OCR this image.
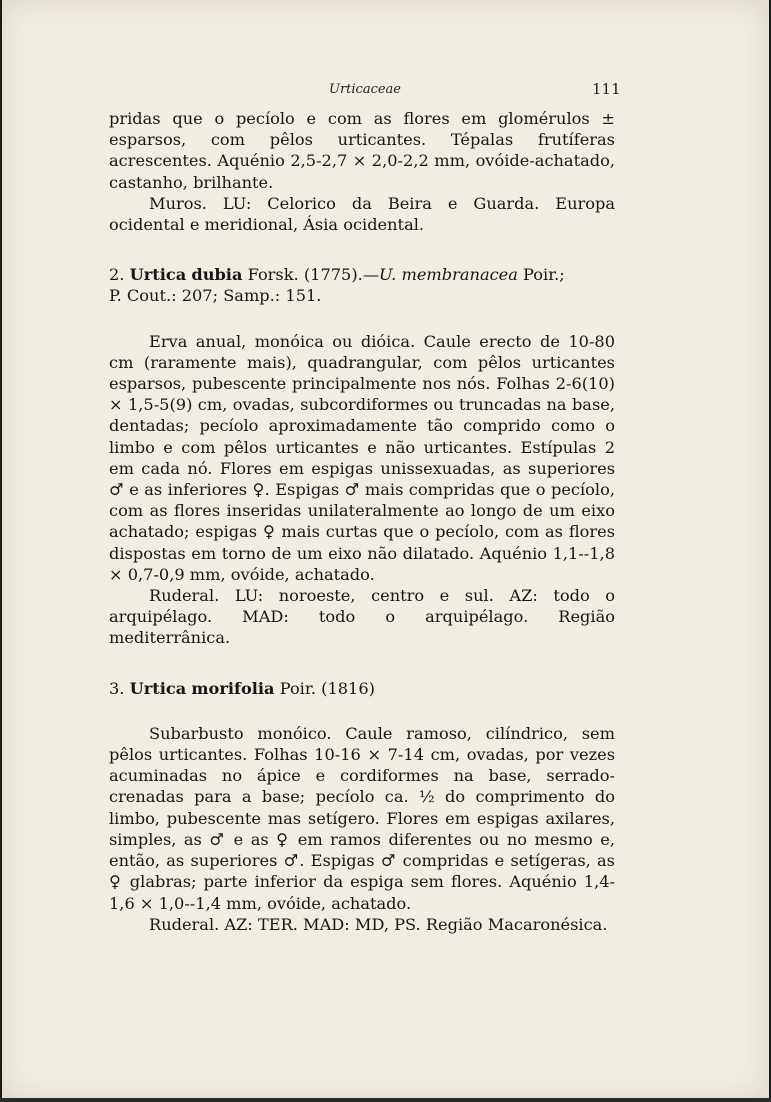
Urticaceae	111

pridas que o pecíolo e com as flores em glomérulos ± esparsos, com pêlos urticantes. Tépalas frutíferas acrescentes. Aquénio 2,5-2,7 × 2,0-2,2 mm, ovóide-achatado, castanho, brilhante.

Muros. LU: Celorico da Beira e Guarda. Europa ocidental e meridional, Ásia ocidental.

2. Urtica dubia Forsk. (1775).—U. membranacea Poir.;

P. Cout.: 207; Samp.: 151.

Erva anual, monóica ou dióica. Caule erecto de 10-80 cm (raramente mais), quadrangular, com pêlos urticantes esparsos, pubescente principalmente nos nós. Folhas 2-6(10) × 1,5-5(9) cm, ovadas, subcordiformes ou truncadas na base, dentadas; pecíolo aproximadamente tão comprido como o limbo e com pêlos urticantes e não urticantes. Estípulas 2 em cada nó. Flores em espigas unissexuadas, as superiores ♂ e as inferiores ♀. Espigas ♂ mais compridas que o pecíolo, com as flores inseridas unilateralmente ao longo de um eixo achatado; espigas ♀ mais curtas que o pecíolo, com as flores dispostas em torno de um eixo não dilatado. Aquénio 1,1--1,8 × 0,7-0,9 mm, ovóide, achatado.

Ruderal. LU: noroeste, centro e sul. AZ: todo o arquipélago. MAD: todo o arquipélago. Região mediterrânica.

3. Urtica morifolia Poir. (1816)

Subarbusto monóico. Caule ramoso, cilíndrico, sem pêlos urticantes. Folhas 10-16 × 7-14 cm, ovadas, por vezes acuminadas no ápice e cordiformes na base, serrado-crenadas para a base; pecíolo ca. ½ do comprimento do limbo, pubescente mas setígero. Flores em espigas axilares, simples, as ♂ e as ♀ em ramos diferentes ou no mesmo e, então, as superiores ♂. Espigas ♂ compridas e setígeras, as ♀ glabras; parte inferior da espiga sem flores. Aquénio 1,4-1,6 × 1,0--1,4 mm, ovóide, achatado.

Ruderal. AZ: TER. MAD: MD, PS. Região Macaronésica.
